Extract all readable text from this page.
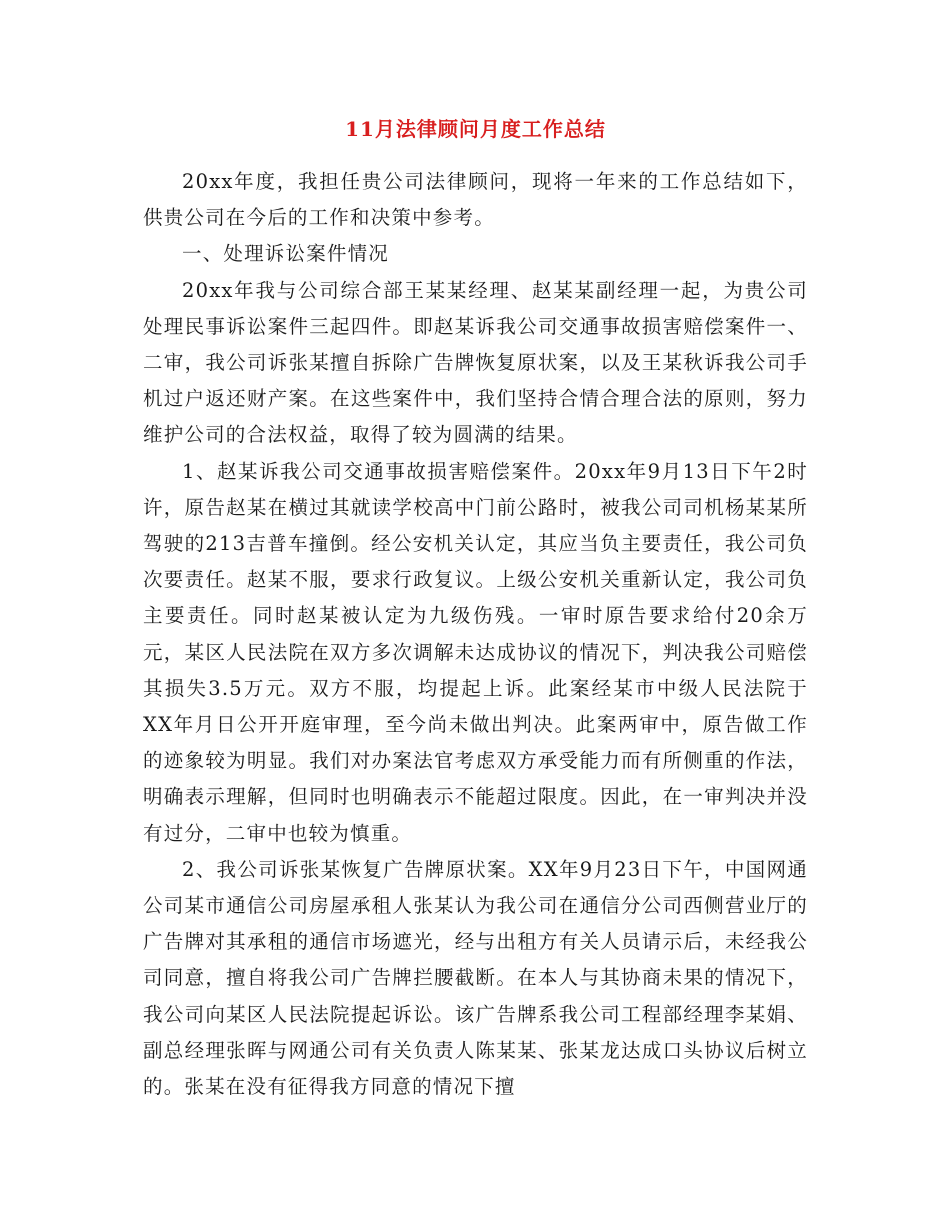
11月法律顾问月度工作总结

20xx年度，我担任贵公司法律顾问，现将一年来的工作总结如下，供贵公司在今后的工作和决策中参考。

一、处理诉讼案件情况

20xx年我与公司综合部王某某经理、赵某某副经理一起，为贵公司处理民事诉讼案件三起四件。即赵某诉我公司交通事故损害赔偿案件一、二审，我公司诉张某擅自拆除广告牌恢复原状案，以及王某秋诉我公司手机过户返还财产案。在这些案件中，我们坚持合情合理合法的原则，努力维护公司的合法权益，取得了较为圆满的结果。

1、赵某诉我公司交通事故损害赔偿案件。20xx年9月13日下午2时许，原告赵某在横过其就读学校高中门前公路时，被我公司司机杨某某所驾驶的213吉普车撞倒。经公安机关认定，其应当负主要责任，我公司负次要责任。赵某不服，要求行政复议。上级公安机关重新认定，我公司负主要责任。同时赵某被认定为九级伤残。一审时原告要求给付20余万元，某区人民法院在双方多次调解未达成协议的情况下，判决我公司赔偿其损失3.5万元。双方不服，均提起上诉。此案经某市中级人民法院于XX年月日公开开庭审理，至今尚未做出判决。此案两审中，原告做工作的迹象较为明显。我们对办案法官考虑双方承受能力而有所侧重的作法，明确表示理解，但同时也明确表示不能超过限度。因此，在一审判决并没有过分，二审中也较为慎重。

2、我公司诉张某恢复广告牌原状案。XX年9月23日下午，中国网通公司某市通信公司房屋承租人张某认为我公司在通信分公司西侧营业厅的广告牌对其承租的通信市场遮光，经与出租方有关人员请示后，未经我公司同意，擅自将我公司广告牌拦腰截断。在本人与其协商未果的情况下，我公司向某区人民法院提起诉讼。该广告牌系我公司工程部经理李某娟、副总经理张晖与网通公司有关负责人陈某某、张某龙达成口头协议后树立的。张某在没有征得我方同意的情况下擅
